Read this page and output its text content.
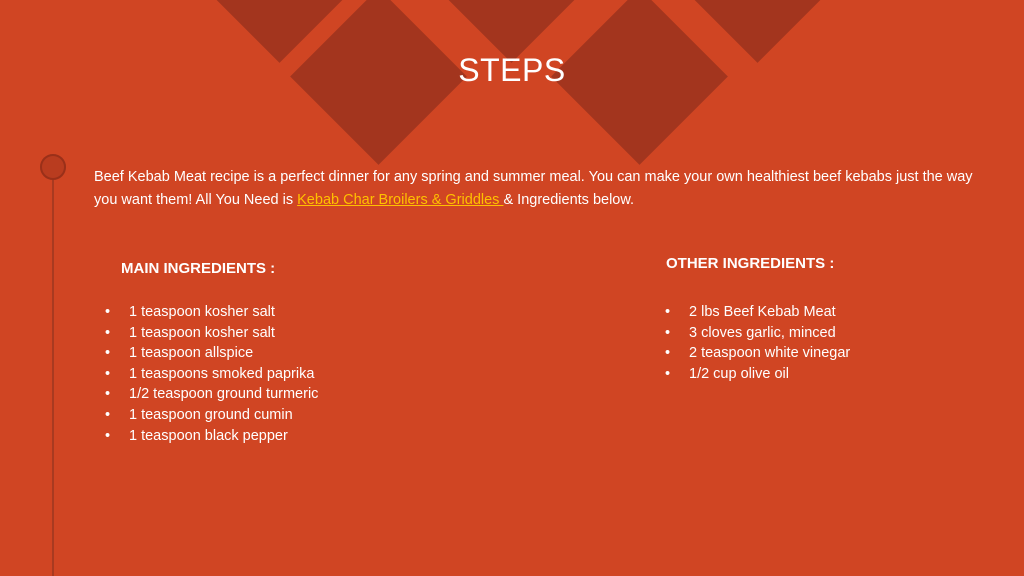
STEPS
Beef Kebab Meat recipe is a perfect dinner for any spring and summer meal. You can make your own healthiest beef kebabs just the way you want them! All You Need is Kebab Char Broilers & Griddles & Ingredients below.
MAIN INGREDIENTS :
• 1 teaspoon kosher salt
• 1 teaspoon kosher salt
• 1 teaspoon allspice
• 1 teaspoons smoked paprika
• 1/2 teaspoon ground turmeric
• 1 teaspoon ground cumin
• 1 teaspoon black pepper
OTHER INGREDIENTS :
• 2 lbs Beef Kebab Meat
• 3 cloves garlic, minced
• 2 teaspoon white vinegar
• 1/2 cup olive oil
